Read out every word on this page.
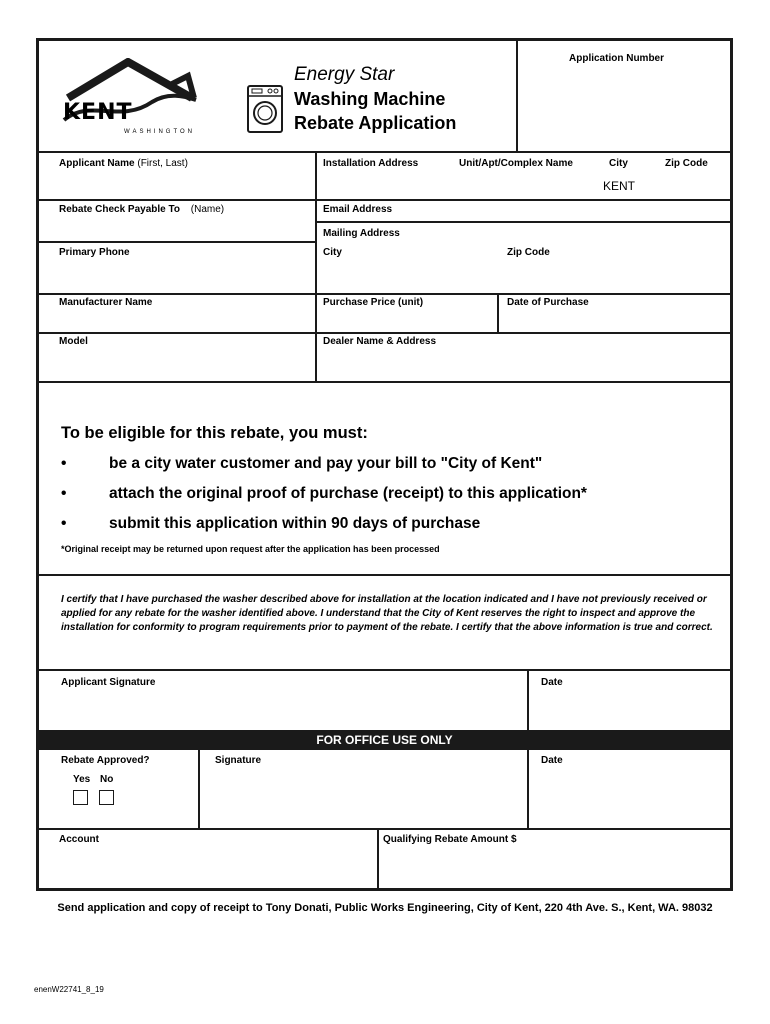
KENT
WASHINGTON
Energy Star
Washing Machine
Rebate Application
Application Number
Applicant Name (First, Last)	Installation Address	Unit/Apt/Complex Name	City	Zip Code
KENT
Rebate Check Payable To (Name)	Email Address
Mailing Address
Primary Phone	City	Zip Code
Manufacturer Name	Purchase Price (unit)	Date of Purchase
Model	Dealer Name & Address
To be eligible for this rebate, you must:
•	be a city water customer and pay your bill to "City of Kent"
•	attach the original proof of purchase (receipt) to this application*
•	submit this application within 90 days of purchase
*Original receipt may be returned upon request after the application has been processed
I certify that I have purchased the washer described above for installation at the location indicated and I have not previously received or applied for any rebate for the washer identified above. I understand that the City of Kent reserves the right to inspect and approve the installation for conformity to program requirements prior to payment of the rebate. I certify that the above information is true and correct.
Applicant Signature	Date
FOR OFFICE USE ONLY
Rebate Approved?
Yes No
Signature	Date
Account	Qualifying Rebate Amount $
Send application and copy of receipt to Tony Donati, Public Works Engineering, City of Kent, 220 4th Ave. S., Kent, WA. 98032
enenW22741_8_19
